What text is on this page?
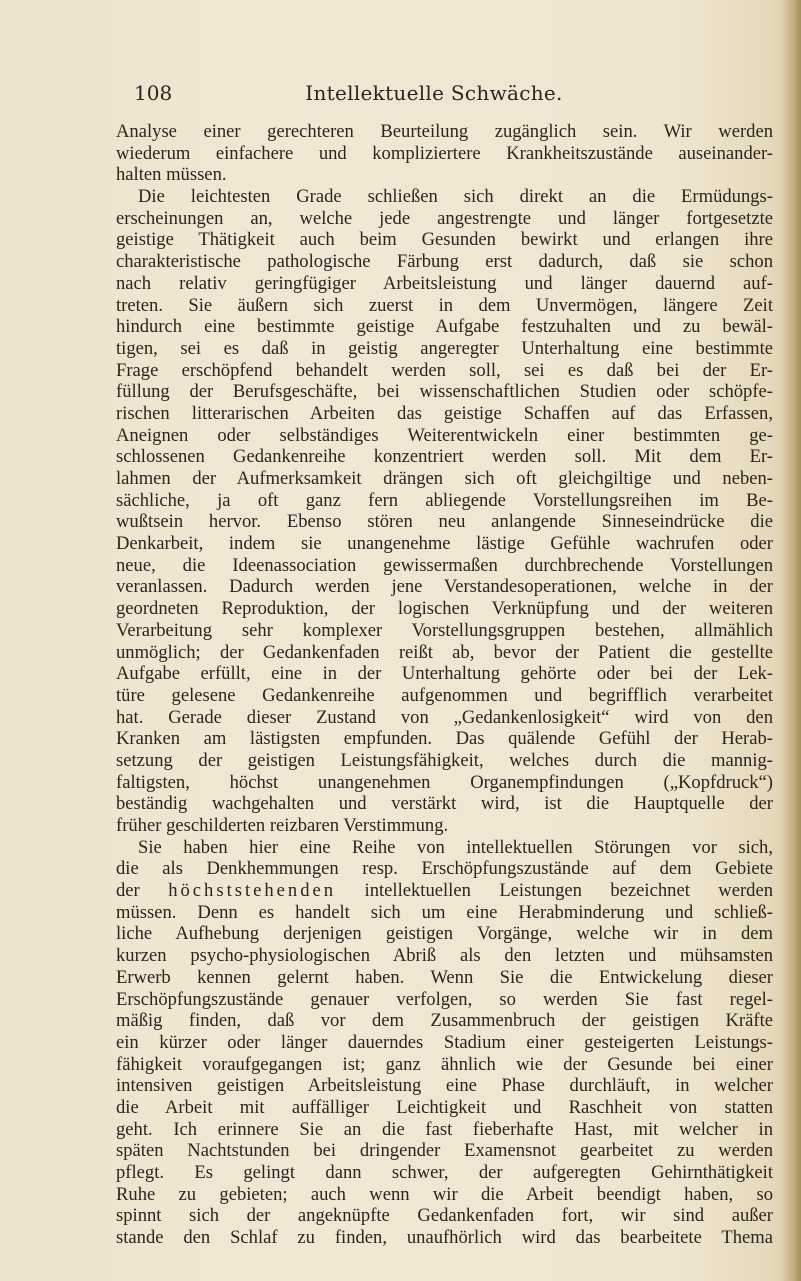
108	Intellektuelle Schwäche.
Analyse einer gerechteren Beurteilung zugänglich sein. Wir werden
wiederum einfachere und kompliziertere Krankheitszustände auseinander-
halten müssen.
Die leichtesten Grade schließen sich direkt an die Ermüdungs-
erscheinungen an, welche jede angestrengte und länger fortgesetzte
geistige Thätigkeit auch beim Gesunden bewirkt und erlangen ihre
charakteristische pathologische Färbung erst dadurch, daß sie schon
nach relativ geringfügiger Arbeitsleistung und länger dauernd auf-
treten. Sie äußern sich zuerst in dem Unvermögen, längere Zeit
hindurch eine bestimmte geistige Aufgabe festzuhalten und zu bewäl-
tigen, sei es daß in geistig angeregter Unterhaltung eine bestimmte
Frage erschöpfend behandelt werden soll, sei es daß bei der Er-
füllung der Berufsgeschäfte, bei wissenschaftlichen Studien oder schöpfe-
rischen litterarischen Arbeiten das geistige Schaffen auf das Erfassen,
Aneignen oder selbständiges Weiterentwickeln einer bestimmten ge-
schlossenen Gedankenreihe konzentriert werden soll. Mit dem Er-
lahmen der Aufmerksamkeit drängen sich oft gleichgiltige und neben-
sächliche, ja oft ganz fern abliegende Vorstellungsreihen im Be-
wußtsein hervor. Ebenso stören neu anlangende Sinneseindrücke die
Denkarbeit, indem sie unangenehme lästige Gefühle wachrufen oder
neue, die Ideenassociation gewissermaßen durchbrechende Vorstellungen
veranlassen. Dadurch werden jene Verstandesoperationen, welche in der
geordneten Reproduktion, der logischen Verknüpfung und der weiteren
Verarbeitung sehr komplexer Vorstellungsgruppen bestehen, allmählich
unmöglich; der Gedankenfaden reißt ab, bevor der Patient die gestellte
Aufgabe erfüllt, eine in der Unterhaltung gehörte oder bei der Lek-
türe gelesene Gedankenreihe aufgenommen und begrifflich verarbeitet
hat. Gerade dieser Zustand von „Gedankenlosigkeit“ wird von den
Kranken am lästigsten empfunden. Das quälende Gefühl der Herab-
setzung der geistigen Leistungsfähigkeit, welches durch die mannig-
faltigsten, höchst unangenehmen Organempfindungen („Kopfdruck“)
beständig wachgehalten und verstärkt wird, ist die Hauptquelle der
früher geschilderten reizbaren Verstimmung.
Sie haben hier eine Reihe von intellektuellen Störungen vor sich,
die als Denkhemmungen resp. Erschöpfungszustände auf dem Gebiete
der höchststehenden intellektuellen Leistungen bezeichnet werden
müssen. Denn es handelt sich um eine Herabminderung und schließ-
liche Aufhebung derjenigen geistigen Vorgänge, welche wir in dem
kurzen psycho-physiologischen Abriß als den letzten und mühsamsten
Erwerb kennen gelernt haben. Wenn Sie die Entwickelung dieser
Erschöpfungszustände genauer verfolgen, so werden Sie fast regel-
mäßig finden, daß vor dem Zusammenbruch der geistigen Kräfte
ein kürzer oder länger dauerndes Stadium einer gesteigerten Leistungs-
fähigkeit voraufgegangen ist; ganz ähnlich wie der Gesunde bei einer
intensiven geistigen Arbeitsleistung eine Phase durchläuft, in welcher
die Arbeit mit auffälliger Leichtigkeit und Raschheit von statten
geht. Ich erinnere Sie an die fast fieberhafte Hast, mit welcher in
späten Nachtstunden bei dringender Examensnot gearbeitet zu werden
pflegt. Es gelingt dann schwer, der aufgeregten Gehirnthätigkeit
Ruhe zu gebieten; auch wenn wir die Arbeit beendigt haben, so
spinnt sich der angeknüpfte Gedankenfaden fort, wir sind außer
stande den Schlaf zu finden, unaufhörlich wird das bearbeitete Thema
